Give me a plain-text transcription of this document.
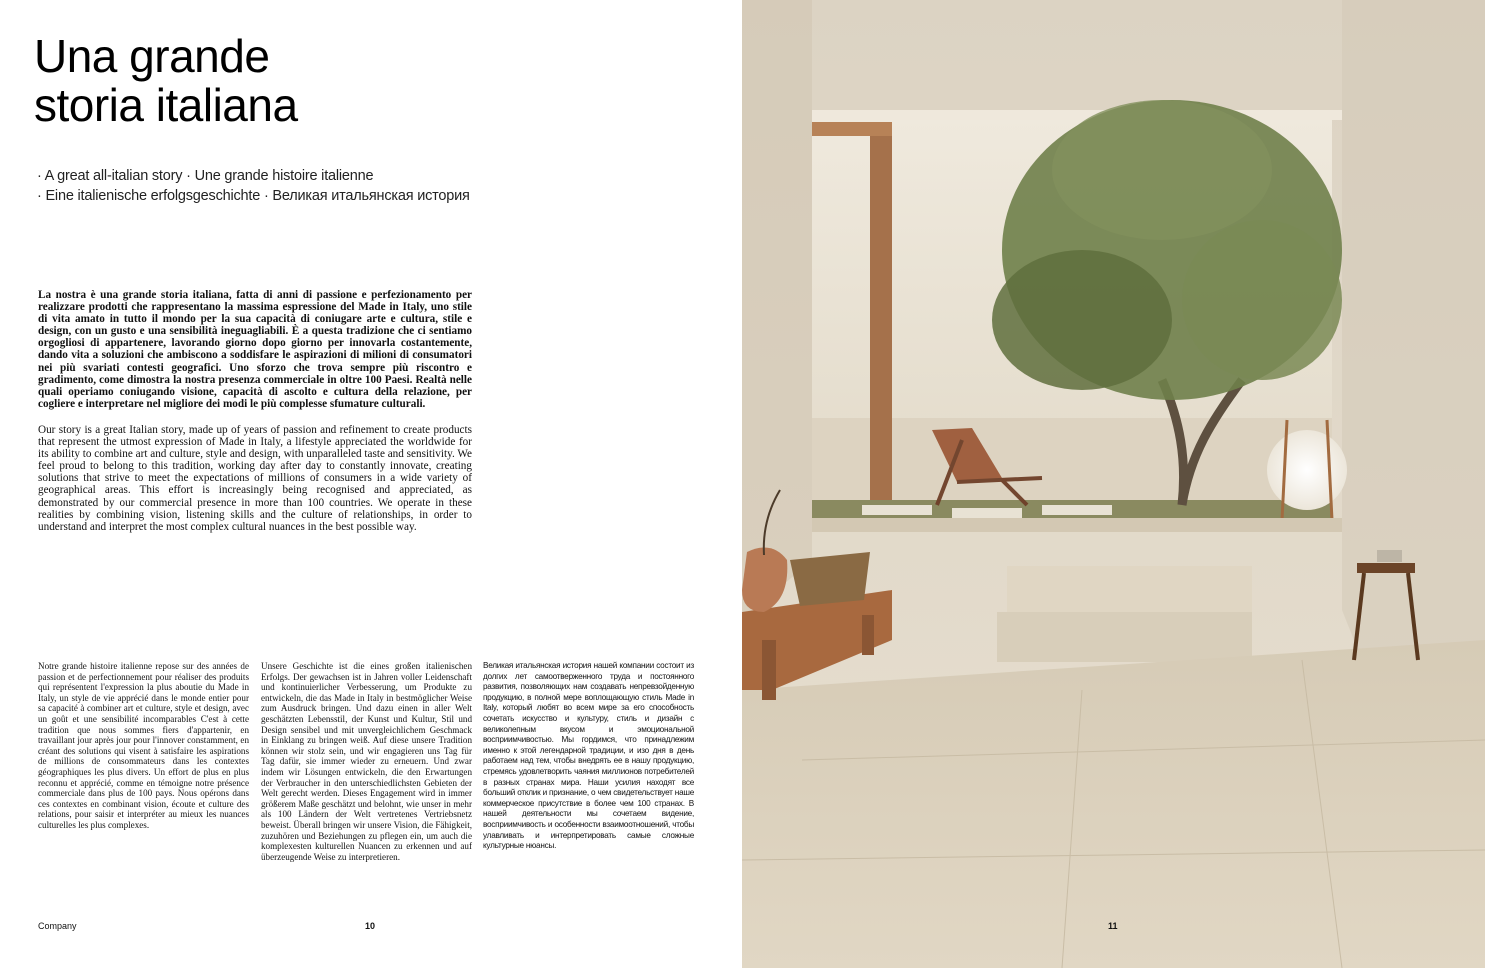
Una grande
storia italiana
· A great all-italian story · Une grande histoire italienne
· Eine italienische erfolgsgeschichte · Великая итальянская история

La nostra è una grande storia italiana, fatta di anni di passione e perfezionamento per realizzare prodotti che rappresentano la massima espressione del Made in Italy, uno stile di vita amato in tutto il mondo per la sua capacità di coniugare arte e cultura, stile e design, con un gusto e una sensibilità ineguagliabili. È a questa tradizione che ci sentiamo orgogliosi di appartenere, lavorando giorno dopo giorno per innovarla costantemente, dando vita a soluzioni che ambiscono a soddisfare le aspirazioni di milioni di consumatori nei più svariati contesti geografici. Uno sforzo che trova sempre più riscontro e gradimento, come dimostra la nostra presenza commerciale in oltre 100 Paesi. Realtà nelle quali operiamo coniugando visione, capacità di ascolto e cultura della relazione, per cogliere e interpretare nel migliore dei modi le più complesse sfumature culturali.

Our story is a great Italian story, made up of years of passion and refinement to create products that represent the utmost expression of Made in Italy, a lifestyle appreciated the worldwide for its ability to combine art and culture, style and design, with unparalleled taste and sensitivity. We feel proud to belong to this tradition, working day after day to constantly innovate, creating solutions that strive to meet the expectations of millions of consumers in a wide variety of geographical areas. This effort is increasingly being recognised and appreciated, as demonstrated by our commercial presence in more than 100 countries. We operate in these realities by combining vision, listening skills and the culture of relationships, in order to understand and interpret the most complex cultural nuances in the best possible way.

Notre grande histoire italienne repose sur des années de passion et de perfectionnement pour réaliser des produits qui représentent l'expression la plus aboutie du Made in Italy, un style de vie apprécié dans le monde entier pour sa capacité à combiner art et culture, style et design, avec un goût et une sensibilité incomparables C'est à cette tradition que nous sommes fiers d'appartenir, en travaillant jour après jour pour l'innover constamment, en créant des solutions qui visent à satisfaire les aspirations de millions de consommateurs dans les contextes géographiques les plus divers. Un effort de plus en plus reconnu et apprécié, comme en témoigne notre présence commerciale dans plus de 100 pays. Nous opérons dans ces contextes en combinant vision, écoute et culture des relations, pour saisir et interpréter au mieux les nuances culturelles les plus complexes.

Unsere Geschichte ist die eines großen italienischen Erfolgs. Der gewachsen ist in Jahren voller Leidenschaft und kontinuierlicher Verbesserung, um Produkte zu entwickeln, die das Made in Italy in bestmöglicher Weise zum Ausdruck bringen. Und dazu einen in aller Welt geschätzten Lebensstil, der Kunst und Kultur, Stil und Design sensibel und mit unvergleichlichem Geschmack in Einklang zu bringen weiß. Auf diese unsere Tradition können wir stolz sein, und wir engagieren uns Tag für Tag dafür, sie immer wieder zu erneuern. Und zwar indem wir Lösungen entwickeln, die den Erwartungen der Verbraucher in den unterschiedlichsten Gebieten der Welt gerecht werden. Dieses Engagement wird in immer größerem Maße geschätzt und belohnt, wie unser in mehr als 100 Ländern der Welt vertretenes Vertriebsnetz beweist. Überall bringen wir unsere Vision, die Fähigkeit, zuzuhören und Beziehungen zu pflegen ein, um auch die komplexesten kulturellen Nuancen zu erkennen und auf überzeugende Weise zu interpretieren.

Великая итальянская история нашей компании состоит из долгих лет самоотверженного труда и постоянного развития, позволяющих нам создавать непревзойденную продукцию, в полной мере воплощающую стиль Made in Italy, который любят во всем мире за его способность сочетать искусство и культуру, стиль и дизайн с великолепным вкусом и эмоциональной восприимчивостью. Мы гордимся, что принадлежим именно к этой легендарной традиции, и изо дня в день работаем над тем, чтобы внедрять ее в нашу продукцию, стремясь удовлетворить чаяния миллионов потребителей в разных странах мира. Наши усилия находят все больший отклик и признание, о чем свидетельствует наше коммерческое присутствие в более чем 100 странах. В нашей деятельности мы сочетаем видение, восприимчивость и особенности взаимоотношений, чтобы улавливать и интерпретировать самые сложные культурные нюансы.

Company	10	11
